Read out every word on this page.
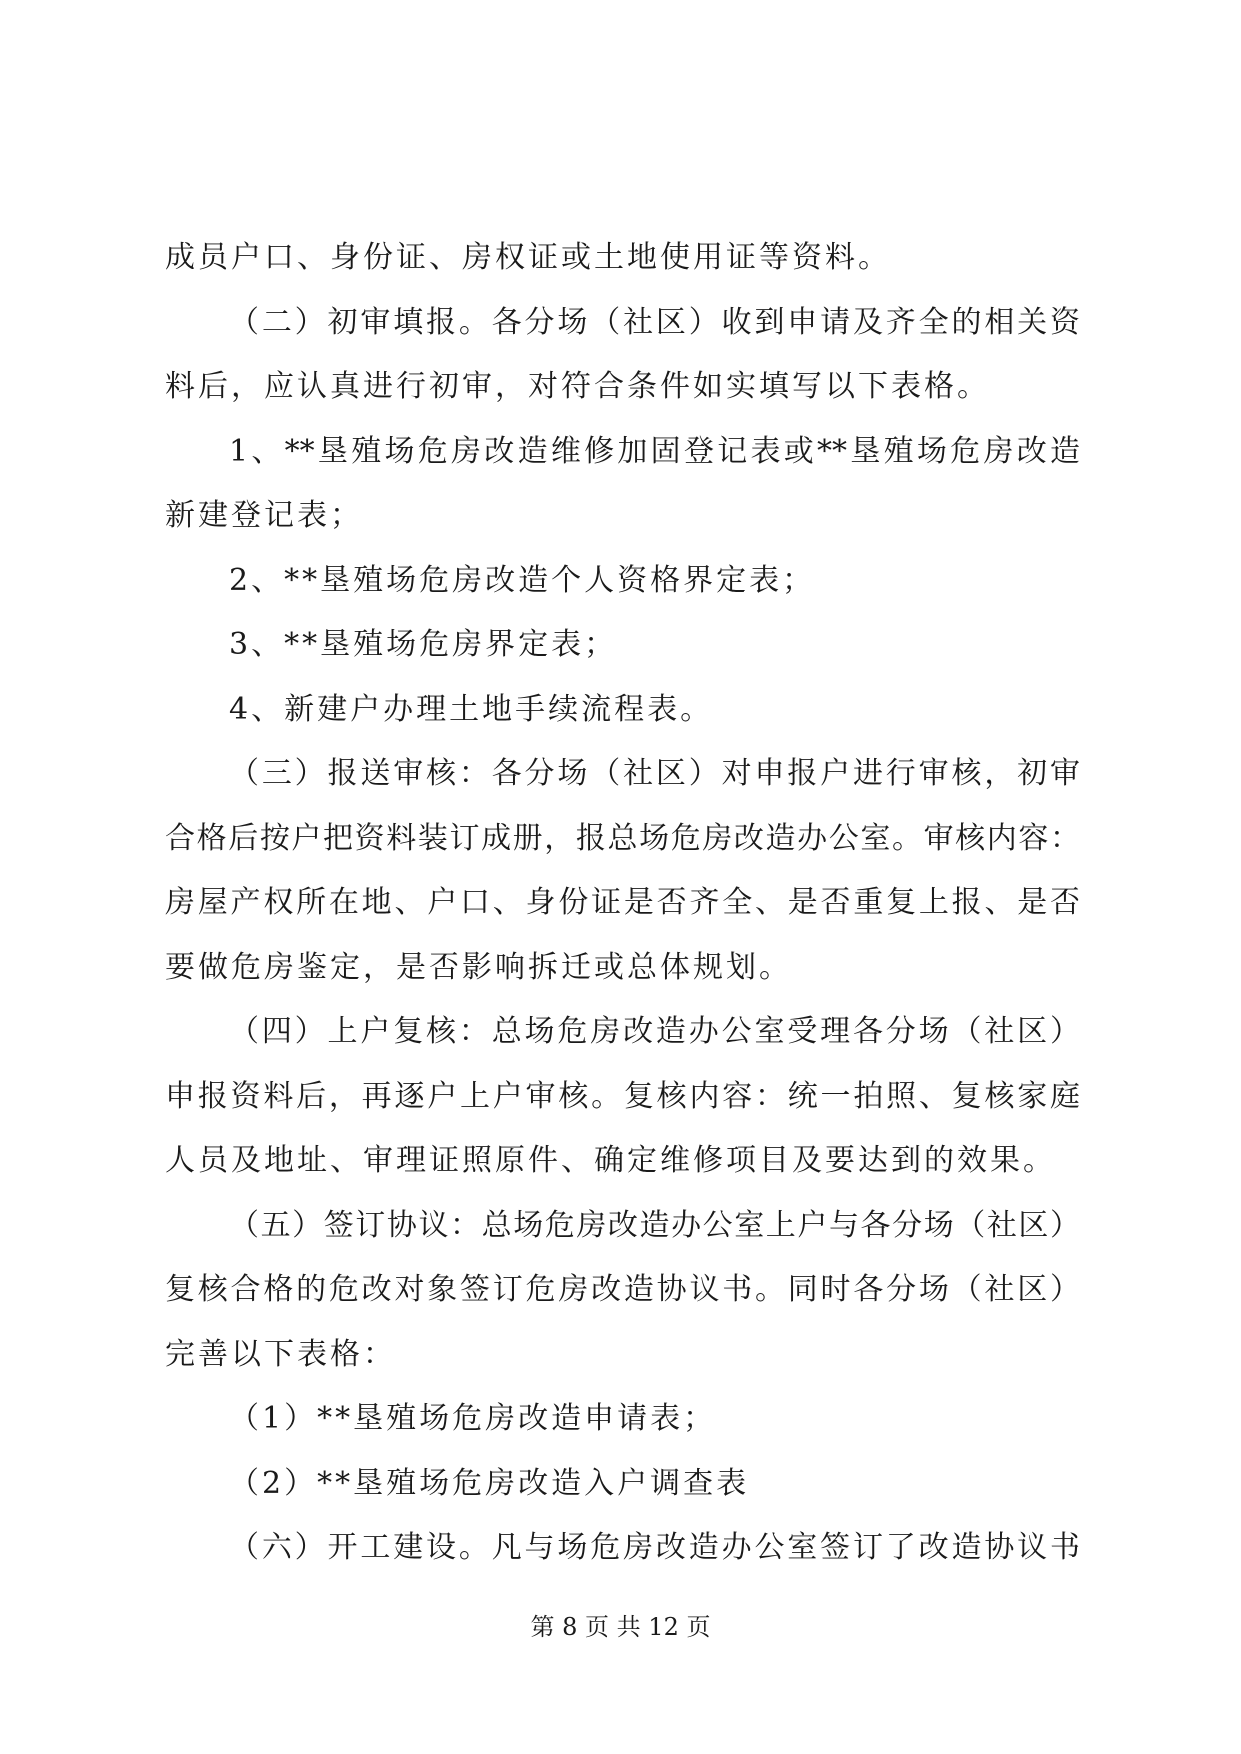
成员户口、身份证、房权证或土地使用证等资料。
（二）初审填报。各分场（社区）收到申请及齐全的相关资
料后，应认真进行初审，对符合条件如实填写以下表格。
1、**垦殖场危房改造维修加固登记表或**垦殖场危房改造
新建登记表；
2、**垦殖场危房改造个人资格界定表；
3、**垦殖场危房界定表；
4、新建户办理土地手续流程表。
（三）报送审核：各分场（社区）对申报户进行审核，初审
合格后按户把资料装订成册，报总场危房改造办公室。审核内容：
房屋产权所在地、户口、身份证是否齐全、是否重复上报、是否
要做危房鉴定，是否影响拆迁或总体规划。
（四）上户复核：总场危房改造办公室受理各分场（社区）
申报资料后，再逐户上户审核。复核内容：统一拍照、复核家庭
人员及地址、审理证照原件、确定维修项目及要达到的效果。
（五）签订协议：总场危房改造办公室上户与各分场（社区）
复核合格的危改对象签订危房改造协议书。同时各分场（社区）
完善以下表格：
（1）**垦殖场危房改造申请表；
（2）**垦殖场危房改造入户调查表
（六）开工建设。凡与场危房改造办公室签订了改造协议书
第 8 页 共 12 页
